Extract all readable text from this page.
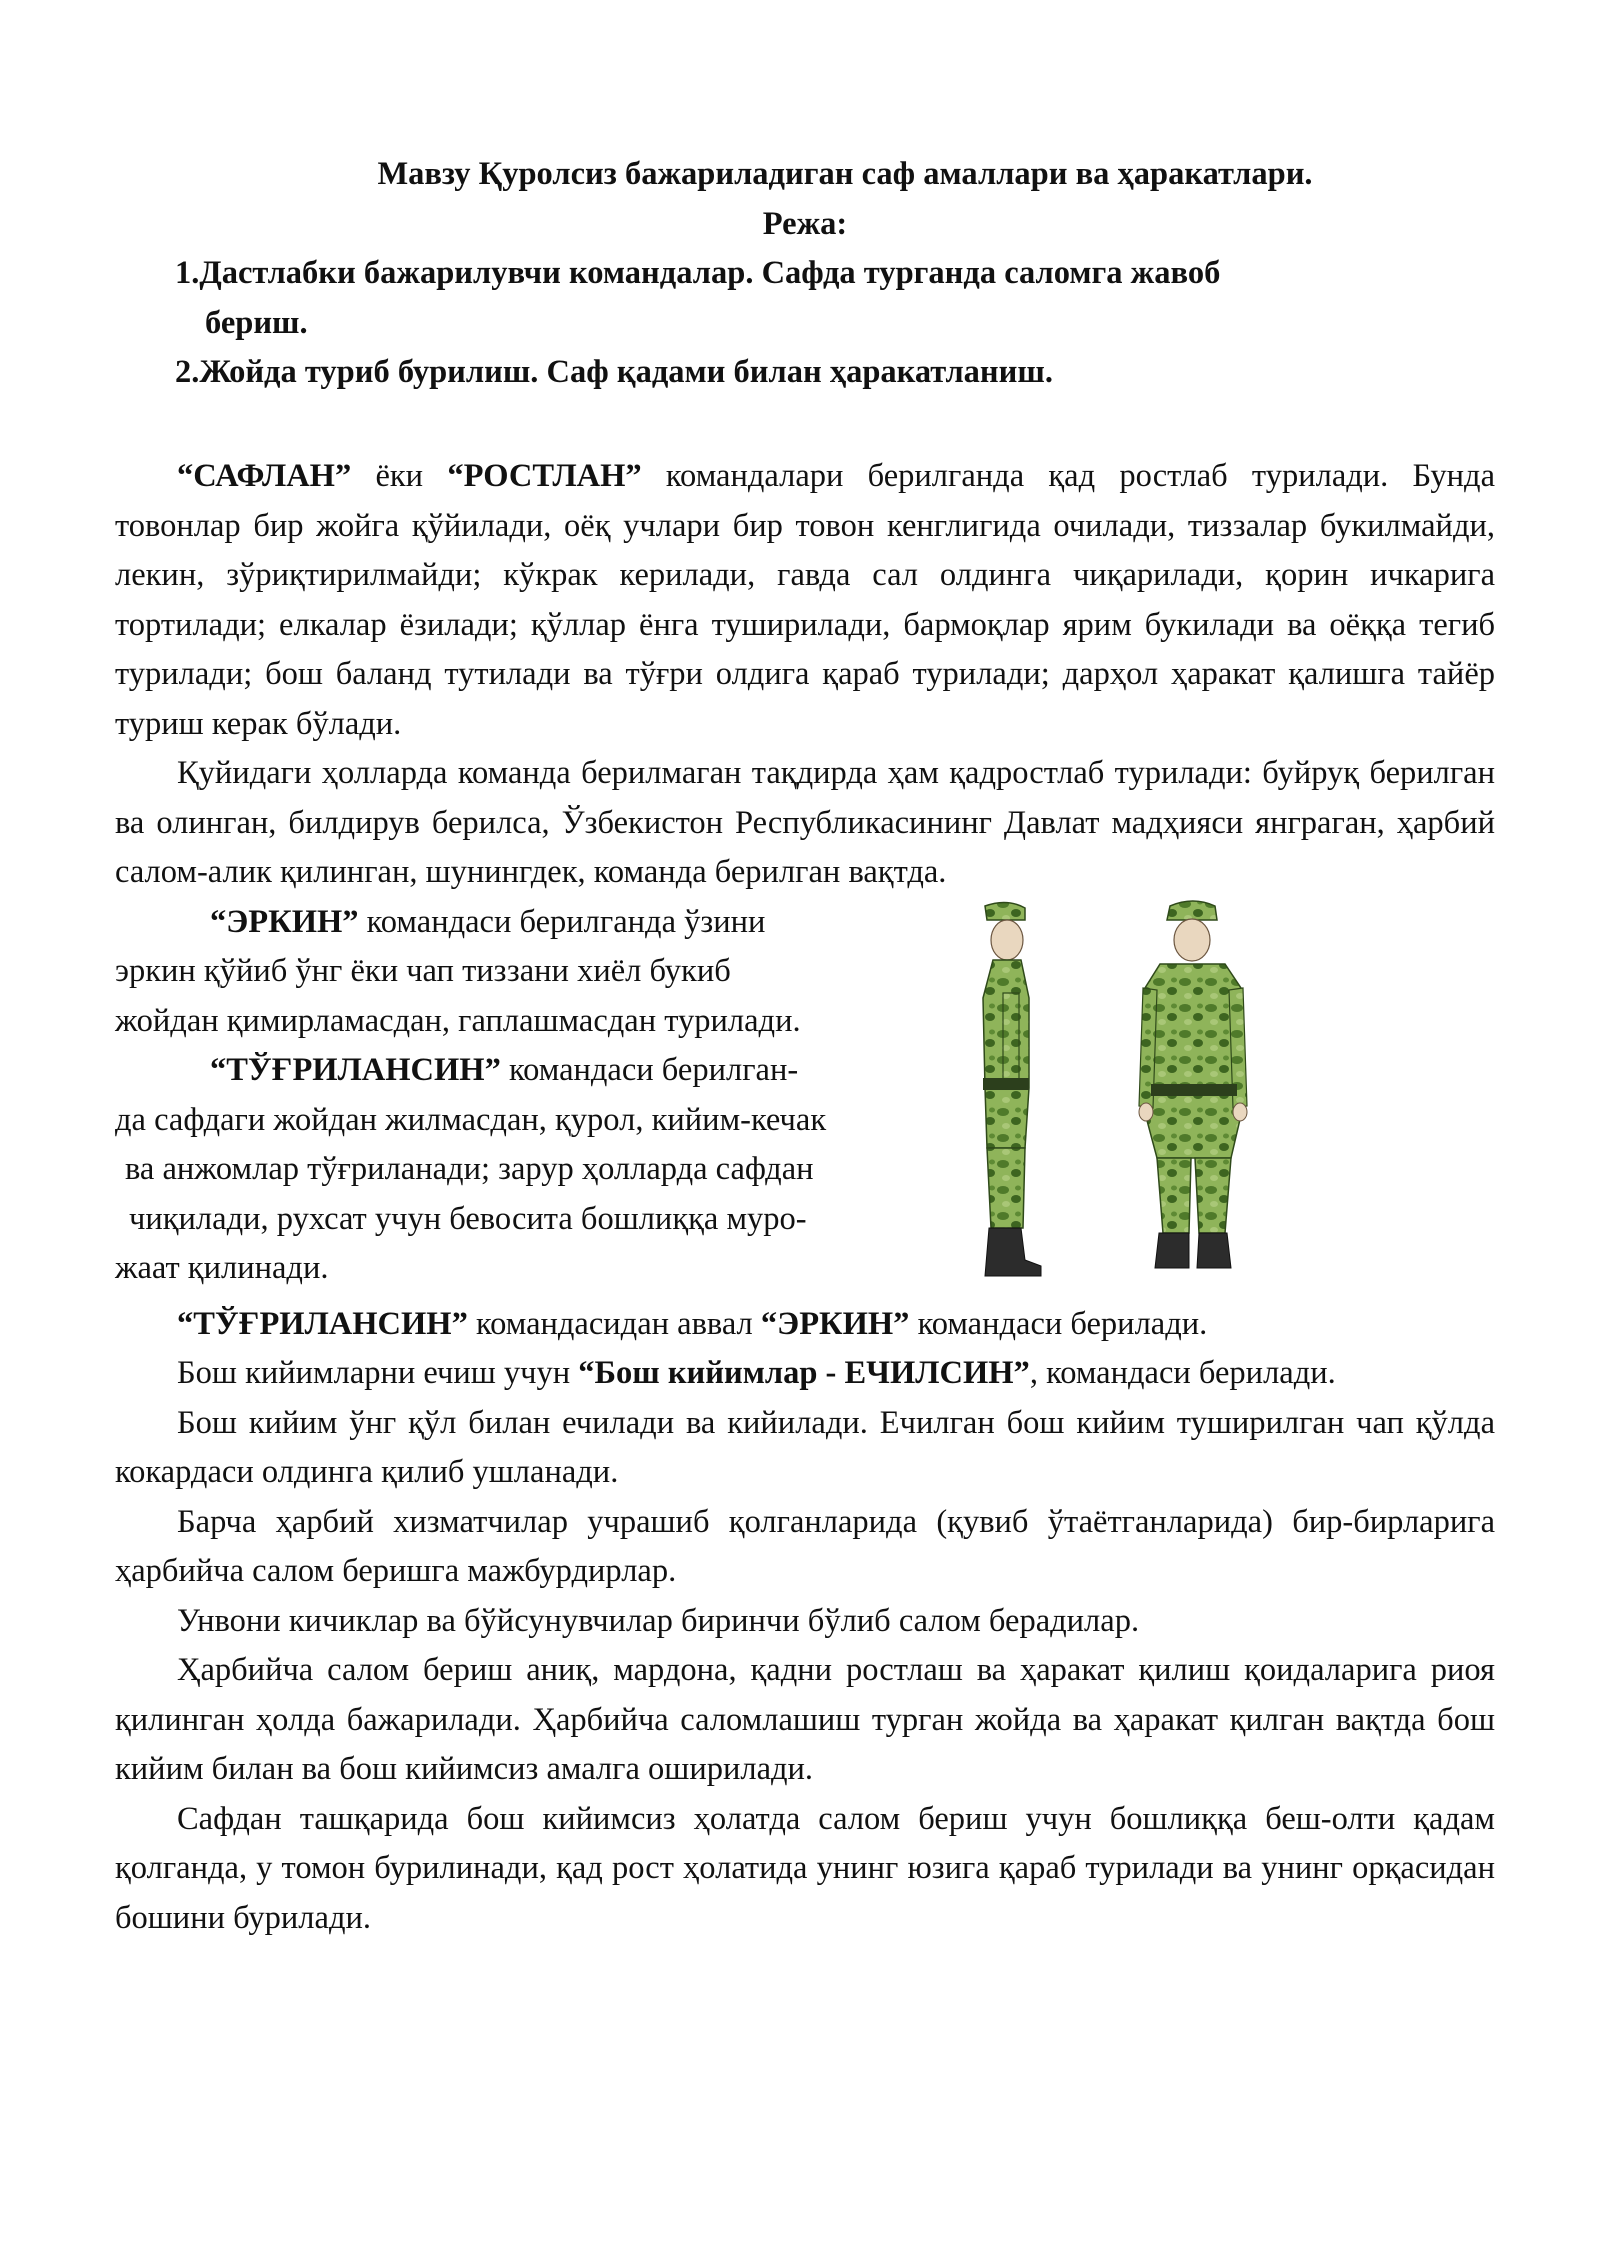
Мавзу Қуролсиз бажариладиган саф амаллари ва ҳаракатлари.

Режа:

1.Дастлабки бажарилувчи командалар. Сафда турганда саломга жавоб

бериш.

2.Жойда туриб бурилиш. Саф қадами билан ҳаракатланиш.

“САФЛАН” ёки “РОСТЛАН” командалари берилганда қад ростлаб турилади. Бунда товонлар бир жойга қўйилади, оёқ учлари бир товон кенглигида очилади, тиззалар букилмайди, лекин, зўриқтирилмайди; кўкрак керилади, гавда сал олдинга чиқарилади, қорин ичкарига тортилади; елкалар ёзилади; қўллар ёнга туширилади, бармоқлар ярим букилади ва оёққа тегиб турилади; бош баланд тутилади ва тўғри олдига қараб турилади; дарҳол ҳаракат қалишга тайёр туриш керак бўлади.

Қуйидаги ҳолларда команда берилмаган тақдирда ҳам қадростлаб турилади: буйруқ берилган ва олинган, билдирув берилса, Ўзбекистон Республикасининг Давлат мадҳияси янграган, ҳарбий салом-алик қилинган, шунингдек, команда берилган вақтда.

“ЭРКИН” командаси берилганда ўзини

эркин қўйиб ўнг ёки чап тиззани хиёл букиб

жойдан қимирламасдан, гаплашмасдан турилади.

“ТЎҒРИЛАНСИН” командаси берилган-

да сафдаги жойдан жилмасдан, қурол, кийим-кечак

ва анжомлар тўғриланади; зарур ҳолларда сафдан

чиқилади, рухсат учун бевосита бошлиққа муро-

жаат қилинади.

“ТЎҒРИЛАНСИН” командасидан аввал “ЭРКИН” командаси берилади.

Бош кийимларни ечиш учун “Бош кийимлар - ЕЧИЛСИН”, командаси берилади.

Бош кийим ўнг қўл билан ечилади ва кийилади. Ечилган бош кийим туширилган чап қўлда кокардаси олдинга қилиб ушланади.

Барча ҳарбий хизматчилар учрашиб қолганларида (қувиб ўтаётганларида) бир-бирларига ҳарбийча салом беришга мажбурдирлар.

Унвони кичиклар ва бўйсунувчилар биринчи бўлиб салом берадилар.

Ҳарбийча салом бериш аниқ, мардона, қадни ростлаш ва ҳаракат қилиш қоидаларига риоя қилинган ҳолда бажарилади. Ҳарбийча саломлашиш турган жойда ва ҳаракат қилган вақтда бош кийим билан ва бош кийимсиз амалга оширилади.

Сафдан ташқарида бош кийимсиз ҳолатда салом бериш учун бошлиққа беш-олти қадам қолганда, у томон бурилинади, қад рост ҳолатида унинг юзига қараб турилади ва унинг орқасидан бошини бурилади.
